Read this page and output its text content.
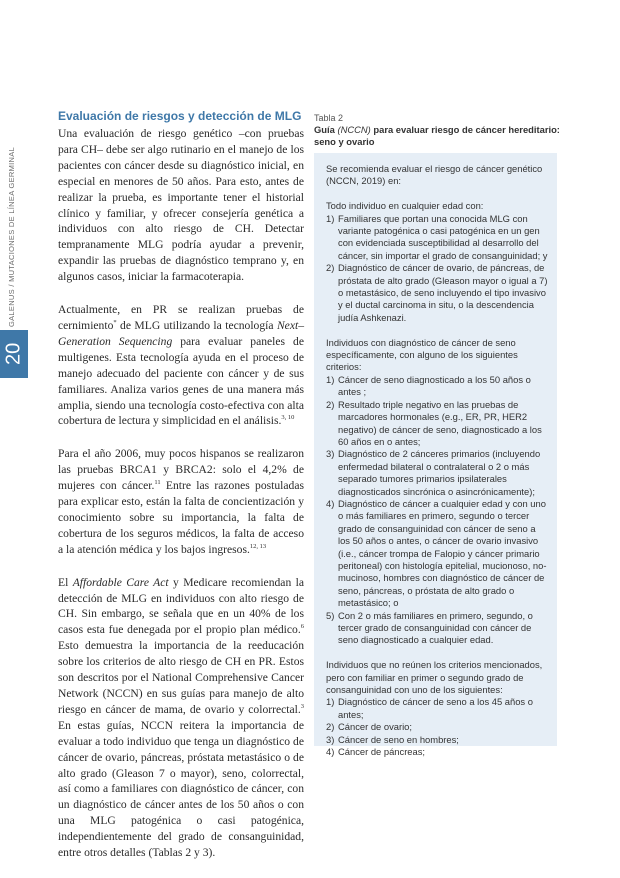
GALENUS / MUTACIONES DE LÍNEA GERMINAL
20
Evaluación de riesgos y detección de MLG

Una evaluación de riesgo genético –con pruebas para CH– debe ser algo rutinario en el manejo de los pacientes con cáncer desde su diagnóstico inicial, en especial en menores de 50 años. Para esto, antes de realizar la prueba, es importante tener el historial clínico y familiar, y ofrecer consejería genética a individuos con alto riesgo de CH. Detectar tempranamente MLG podría ayudar a prevenir, expandir las pruebas de diagnóstico temprano y, en algunos casos, iniciar la farmacoterapia.

Actualmente, en PR se realizan pruebas de cernimiento* de MLG utilizando la tecnología Next–Generation Sequencing para evaluar paneles de multigenes. Esta tecnología ayuda en el proceso de manejo adecuado del paciente con cáncer y de sus familiares. Analiza varios genes de una manera más amplia, siendo una tecnología costo-efectiva con alta cobertura de lectura y simplicidad en el análisis.$^{3, 10}$

Para el año 2006, muy pocos hispanos se realizaron las pruebas BRCA1 y BRCA2: solo el 4,2% de mujeres con cáncer.$^{11}$ Entre las razones postuladas para explicar esto, están la falta de concientización y conocimiento sobre su importancia, la falta de cobertura de los seguros médicos, la falta de acceso a la atención médica y los bajos ingresos.$^{12, 13}$

El Affordable Care Act y Medicare recomiendan la detección de MLG en individuos con alto riesgo de CH. Sin embargo, se señala que en un 40% de los casos esta fue denegada por el propio plan médico.$^6$ Esto demuestra la importancia de la reeducación sobre los criterios de alto riesgo de CH en PR. Estos son descritos por el National Comprehensive Cancer Network (NCCN) en sus guías para manejo de alto riesgo en cáncer de mama, de ovario y colorrectal.$^3$ En estas guías, NCCN reitera la importancia de evaluar a todo individuo que tenga un diagnóstico de cáncer de ovario, páncreas, próstata metastásico o de alto grado (Gleason 7 o mayor), seno, colorrectal, así como a familiares con diagnóstico de cáncer, con un diagnóstico de cáncer antes de los 50 años o con una MLG patogénica o casi patogénica, independientemente del grado de consanguinidad, entre otros detalles (Tablas 2 y 3).

Tabla 2
Guía (NCCN) para evaluar riesgo de cáncer hereditario: seno y ovario

Se recomienda evaluar el riesgo de cáncer genético (NCCN, 2019) en:

Todo individuo en cualquier edad con:
1) Familiares que portan una conocida MLG con variante patogénica o casi patogénica en un gen con evidenciada susceptibilidad al desarrollo del cáncer, sin importar el grado de consanguinidad; y
2) Diagnóstico de cáncer de ovario, de páncreas, de próstata de alto grado (Gleason mayor o igual a 7) o metastásico, de seno incluyendo el tipo invasivo y el ductal carcinoma in situ, o la descendencia judía Ashkenazi.
Individuos con diagnóstico de cáncer de seno específicamente, con alguno de los siguientes criterios:
1) Cáncer de seno diagnosticado a los 50 años o antes ;
2) Resultado triple negativo en las pruebas de marcadores hormonales (e.g., ER, PR, HER2 negativo) de cáncer de seno, diagnosticado a los 60 años en o antes;
3) Diagnóstico de 2 cánceres primarios (incluyendo enfermedad bilateral o contralateral o 2 o más separado tumores primarios ipsilaterales diagnosticados sincrónica o asincrónicamente);
4) Diagnóstico de cáncer a cualquier edad y con uno o más familiares en primero, segundo o tercer grado de consanguinidad con cáncer de seno a los 50 años o antes, o cáncer de ovario invasivo (i.e., cáncer trompa de Falopio y cáncer primario peritoneal) con histología epitelial, mucionoso, no-mucinoso, hombres con diagnóstico de cáncer de seno, páncreas, o próstata de alto grado o metastásico; o
5) Con 2 o más familiares en primero, segundo, o tercer grado de consanguinidad con cáncer de seno diagnosticado a cualquier edad.
Individuos que no reúnen los criterios mencionados, pero con familiar en primer o segundo grado de consanguinidad con uno de los siguientes:
1) Diagnóstico de cáncer de seno a los 45 años o antes;
2) Cáncer de ovario;
3) Cáncer de seno en hombres;
4) Cáncer de páncreas;
